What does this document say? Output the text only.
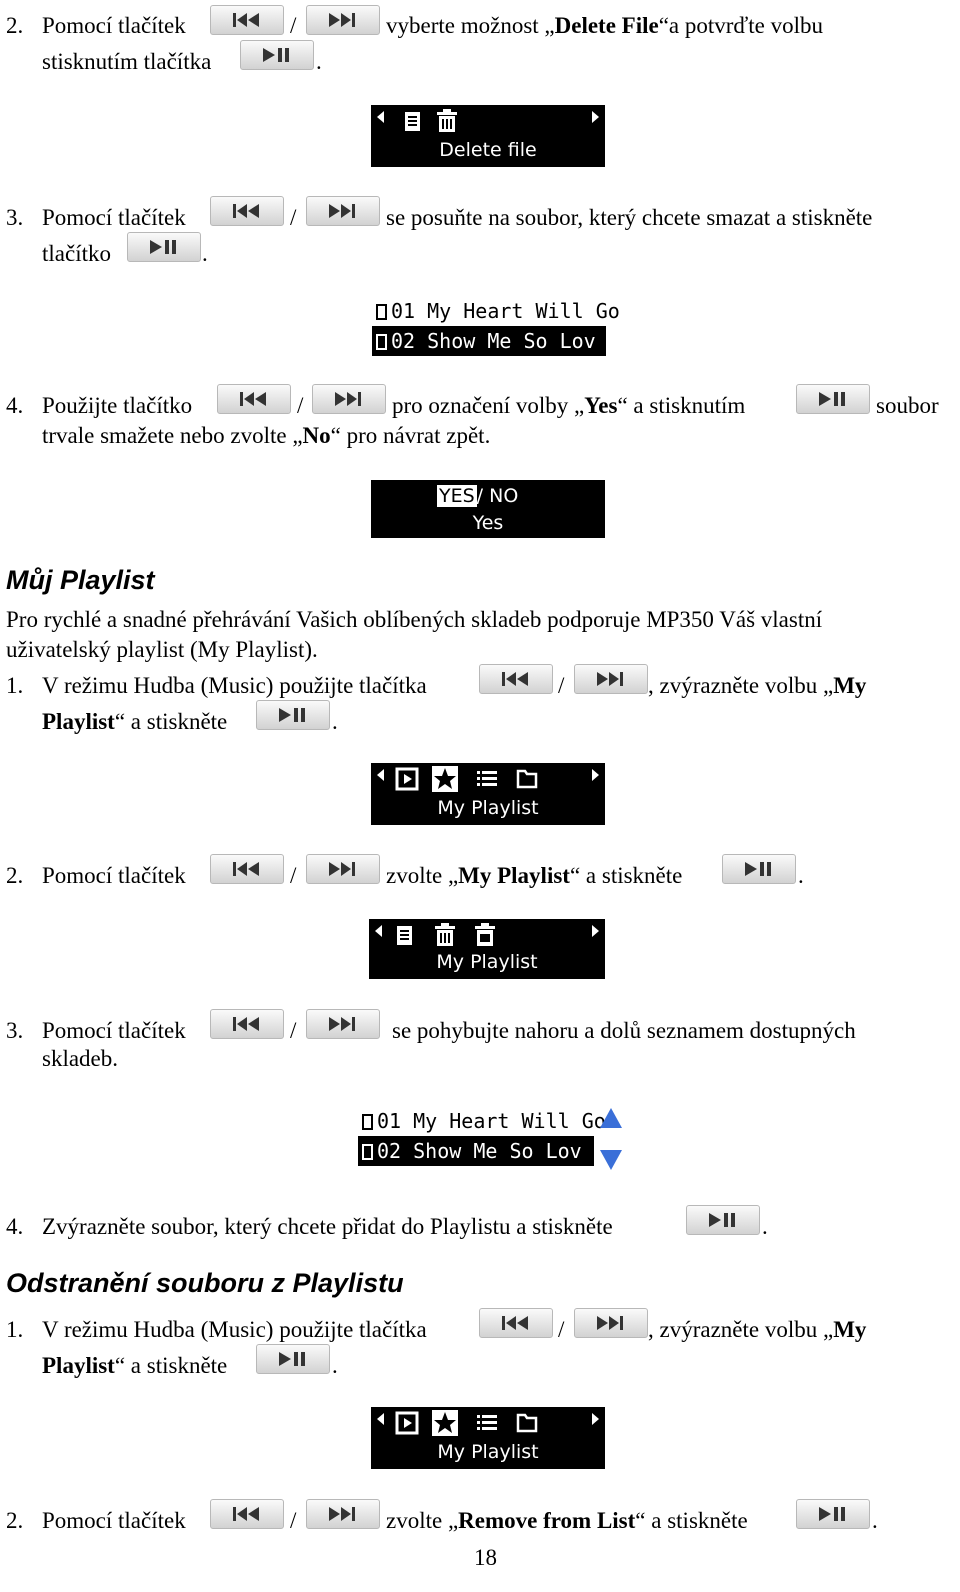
2. Pomocí tlačítek	/	vyberte možnost „Delete File“a potvrďte volbu
stisknutím tlačítka	.
Delete file
3. Pomocí tlačítek	/	se posuňte na soubor, který chcete smazat a stiskněte
tlačítko	.
01 My Heart Will Go
02 Show Me So Lov
4. Použijte tlačítko	/	pro označení volby „Yes“ a stisknutím	soubor
trvale smažete nebo zvolte „No“ pro návrat zpět.
YES / NO
Yes
Můj Playlist
Pro rychlé a snadné přehrávání Vašich oblíbených skladeb podporuje MP350 Váš vlastní
uživatelský playlist (My Playlist).
1. V režimu Hudba (Music) použijte tlačítka	/	, zvýrazněte volbu „My
Playlist“ a stiskněte	.
My Playlist
2. Pomocí tlačítek	/	zvolte „My Playlist“ a stiskněte	.
My Playlist
3. Pomocí tlačítek	/	se pohybujte nahoru a dolů seznamem dostupných
skladeb.
01 My Heart Will Go
02 Show Me So Lov
4. Zvýrazněte soubor, který chcete přidat do Playlistu a stiskněte	.
Odstranění souboru z Playlistu
1. V režimu Hudba (Music) použijte tlačítka	/	, zvýrazněte volbu „My
Playlist“ a stiskněte	.
My Playlist
2. Pomocí tlačítek	/	zvolte „Remove from List“ a stiskněte	.
18
